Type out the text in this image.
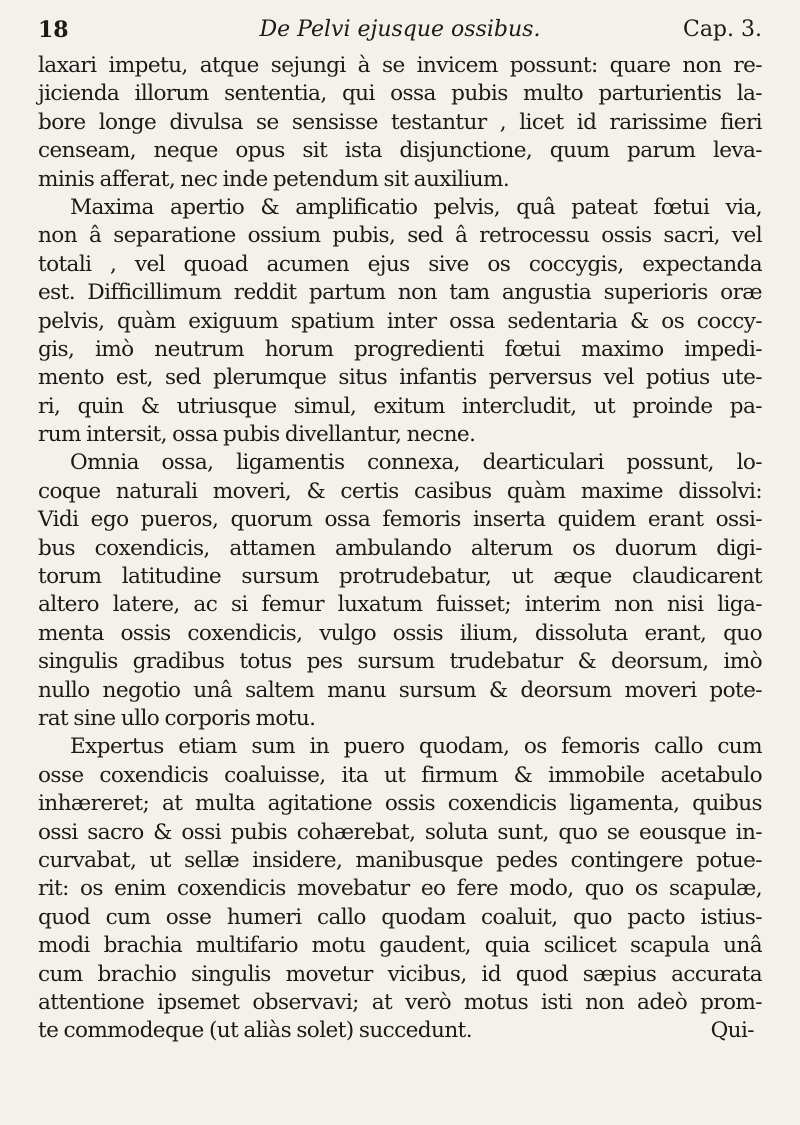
18	De Pelvi ejusque ossibus.	Cap. 3.
laxari impetu, atque sejungi à se invicem possunt: quare non re-
jicienda illorum sententia, qui ossa pubis multo parturientis la-
bore longe divulsa se sensisse testantur , licet id rarissime fieri
censeam, neque opus sit ista disjunctione, quum parum leva-
minis afferat, nec inde petendum sit auxilium.
Maxima apertio & amplificatio pelvis, quâ pateat fœtui via,
non â separatione ossium pubis, sed â retrocessu ossis sacri, vel
totali , vel quoad acumen ejus sive os coccygis, expectanda
est. Difficillimum reddit partum non tam angustia superioris oræ
pelvis, quàm exiguum spatium inter ossa sedentaria & os coccy-
gis, imò neutrum horum progredienti fœtui maximo impedi-
mento est, sed plerumque situs infantis perversus vel potius ute-
ri, quin & utriusque simul, exitum intercludit, ut proinde pa-
rum intersit, ossa pubis divellantur, necne.
Omnia ossa, ligamentis connexa, dearticulari possunt, lo-
coque naturali moveri, & certis casibus quàm maxime dissolvi:
Vidi ego pueros, quorum ossa femoris inserta quidem erant ossi-
bus coxendicis, attamen ambulando alterum os duorum digi-
torum latitudine sursum protrudebatur, ut æque claudicarent
altero latere, ac si femur luxatum fuisset; interim non nisi liga-
menta ossis coxendicis, vulgo ossis ilium, dissoluta erant, quo
singulis gradibus totus pes sursum trudebatur & deorsum, imò
nullo negotio unâ saltem manu sursum & deorsum moveri pote-
rat sine ullo corporis motu.
Expertus etiam sum in puero quodam, os femoris callo cum
osse coxendicis coaluisse, ita ut firmum & immobile acetabulo
inhæreret; at multa agitatione ossis coxendicis ligamenta, quibus
ossi sacro & ossi pubis cohærebat, soluta sunt, quo se eousque in-
curvabat, ut sellæ insidere, manibusque pedes contingere potue-
rit: os enim coxendicis movebatur eo fere modo, quo os scapulæ,
quod cum osse humeri callo quodam coaluit, quo pacto istius-
modi brachia multifario motu gaudent, quia scilicet scapula unâ
cum brachio singulis movetur vicibus, id quod sæpius accurata
attentione ipsemet observavi; at verò motus isti non adeò prom-
te commodeque (ut aliàs solet) succedunt.	Qui-
